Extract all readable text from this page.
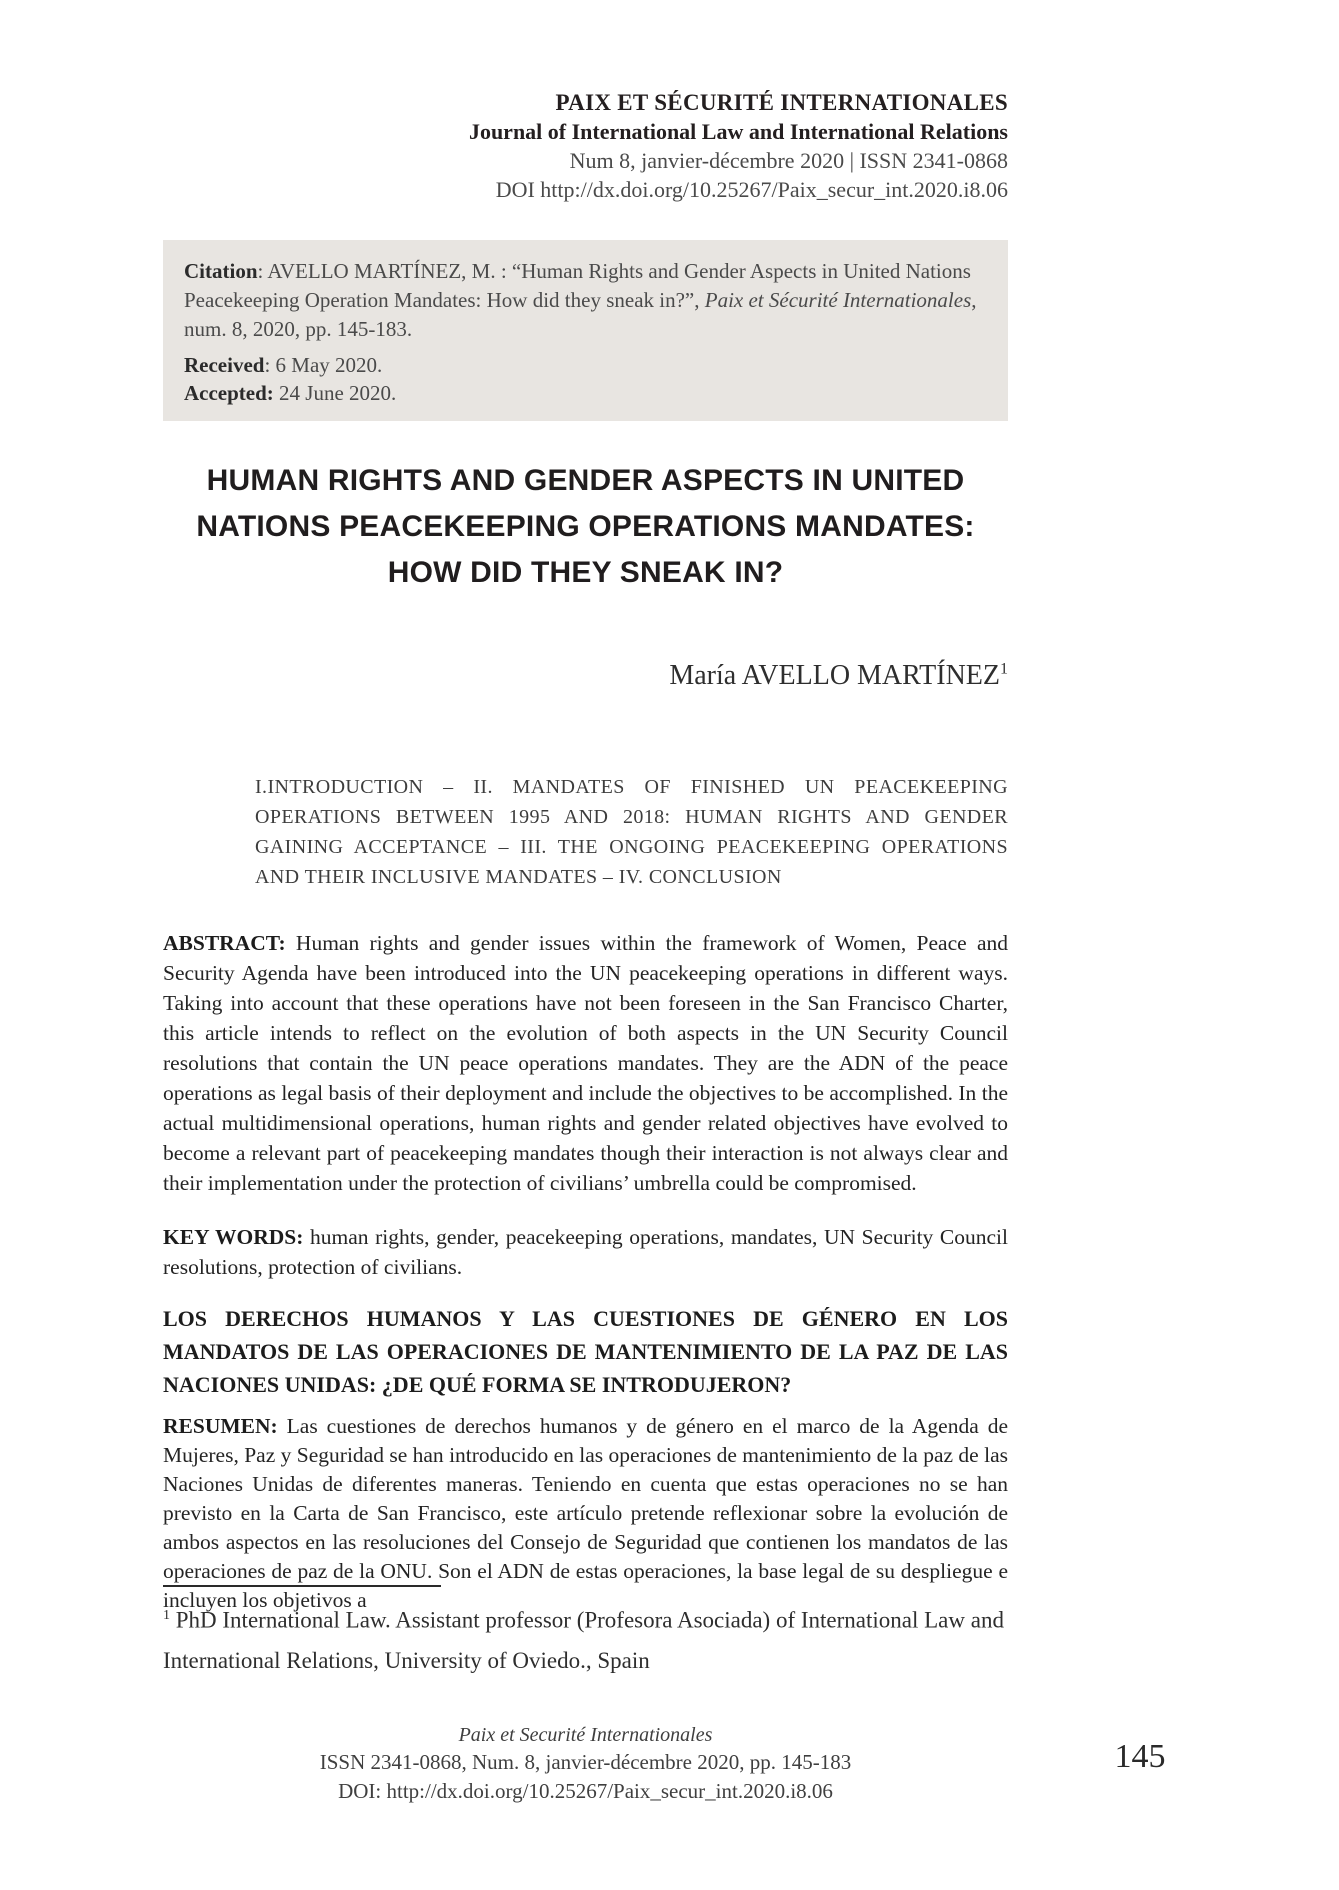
PAIX ET SÉCURITÉ INTERNATIONALES
Journal of International Law and International Relations
Num 8, janvier-décembre 2020 | ISSN 2341-0868
DOI http://dx.doi.org/10.25267/Paix_secur_int.2020.i8.06
Citation: AVELLO MARTÍNEZ, M. : “Human Rights and Gender Aspects in United Nations Peacekeeping Operation Mandates: How did they sneak in?”, Paix et Sécurité Internationales, num. 8, 2020, pp. 145-183.
Received: 6 May 2020.
Accepted: 24 June 2020.
HUMAN RIGHTS AND GENDER ASPECTS IN UNITED NATIONS PEACEKEEPING OPERATIONS MANDATES: HOW DID THEY SNEAK IN?
María AVELLO MARTÍNEZ$^1$
I.INTRODUCTION – II. MANDATES OF FINISHED UN PEACEKEEPING OPERATIONS BETWEEN 1995 AND 2018: HUMAN RIGHTS AND GENDER GAINING ACCEPTANCE – III. THE ONGOING PEACEKEEPING OPERATIONS AND THEIR INCLUSIVE MANDATES – IV. CONCLUSION
ABSTRACT: Human rights and gender issues within the framework of Women, Peace and Security Agenda have been introduced into the UN peacekeeping operations in different ways. Taking into account that these operations have not been foreseen in the San Francisco Charter, this article intends to reflect on the evolution of both aspects in the UN Security Council resolutions that contain the UN peace operations mandates. They are the ADN of the peace operations as legal basis of their deployment and include the objectives to be accomplished. In the actual multidimensional operations, human rights and gender related objectives have evolved to become a relevant part of peacekeeping mandates though their interaction is not always clear and their implementation under the protection of civilians’ umbrella could be compromised.
KEY WORDS: human rights, gender, peacekeeping operations, mandates, UN Security Council resolutions, protection of civilians.
LOS DERECHOS HUMANOS Y LAS CUESTIONES DE GÉNERO EN LOS MANDATOS DE LAS OPERACIONES DE MANTENIMIENTO DE LA PAZ DE LAS NACIONES UNIDAS: ¿DE QUÉ FORMA SE INTRODUJERON?
RESUMEN: Las cuestiones de derechos humanos y de género en el marco de la Agenda de Mujeres, Paz y Seguridad se han introducido en las operaciones de mantenimiento de la paz de las Naciones Unidas de diferentes maneras. Teniendo en cuenta que estas operaciones no se han previsto en la Carta de San Francisco, este artículo pretende reflexionar sobre la evolución de ambos aspectos en las resoluciones del Consejo de Seguridad que contienen los mandatos de las operaciones de paz de la ONU. Son el ADN de estas operaciones, la base legal de su despliegue e incluyen los objetivos a
$^1$ PhD International Law. Assistant professor (Profesora Asociada) of International Law and International Relations, University of Oviedo., Spain
Paix et Securité Internationales
ISSN 2341-0868, Num. 8, janvier-décembre 2020, pp. 145-183
DOI: http://dx.doi.org/10.25267/Paix_secur_int.2020.i8.06
145
